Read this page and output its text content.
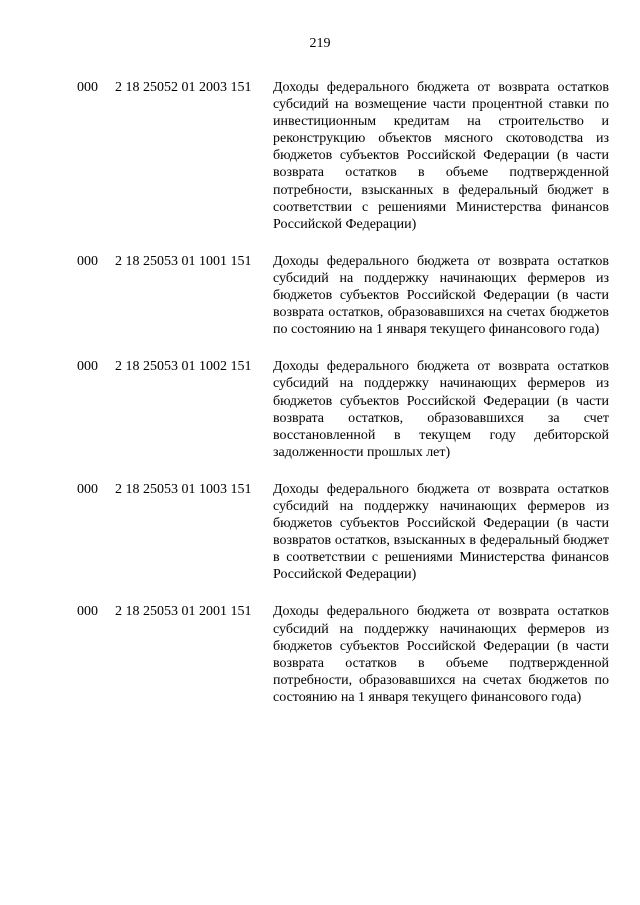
219
000	2 18 25052 01 2003 151	Доходы федерального бюджета от возврата остатков субсидий на возмещение части процентной ставки по инвестиционным кредитам на строительство и реконструкцию объектов мясного скотоводства из бюджетов субъектов Российской Федерации (в части возврата остатков в объеме подтвержденной потребности, взысканных в федеральный бюджет в соответствии с решениями Министерства финансов Российской Федерации)
000	2 18 25053 01 1001 151	Доходы федерального бюджета от возврата остатков субсидий на поддержку начинающих фермеров из бюджетов субъектов Российской Федерации (в части возврата остатков, образовавшихся на счетах бюджетов по состоянию на 1 января текущего финансового года)
000	2 18 25053 01 1002 151	Доходы федерального бюджета от возврата остатков субсидий на поддержку начинающих фермеров из бюджетов субъектов Российской Федерации (в части возврата остатков, образовавшихся за счет восстановленной в текущем году дебиторской задолженности прошлых лет)
000	2 18 25053 01 1003 151	Доходы федерального бюджета от возврата остатков субсидий на поддержку начинающих фермеров из бюджетов субъектов Российской Федерации (в части возвратов остатков, взысканных в федеральный бюджет в соответствии с решениями Министерства финансов Российской Федерации)
000	2 18 25053 01 2001 151	Доходы федерального бюджета от возврата остатков субсидий на поддержку начинающих фермеров из бюджетов субъектов Российской Федерации (в части возврата остатков в объеме подтвержденной потребности, образовавшихся на счетах бюджетов по состоянию на 1 января текущего финансового года)
